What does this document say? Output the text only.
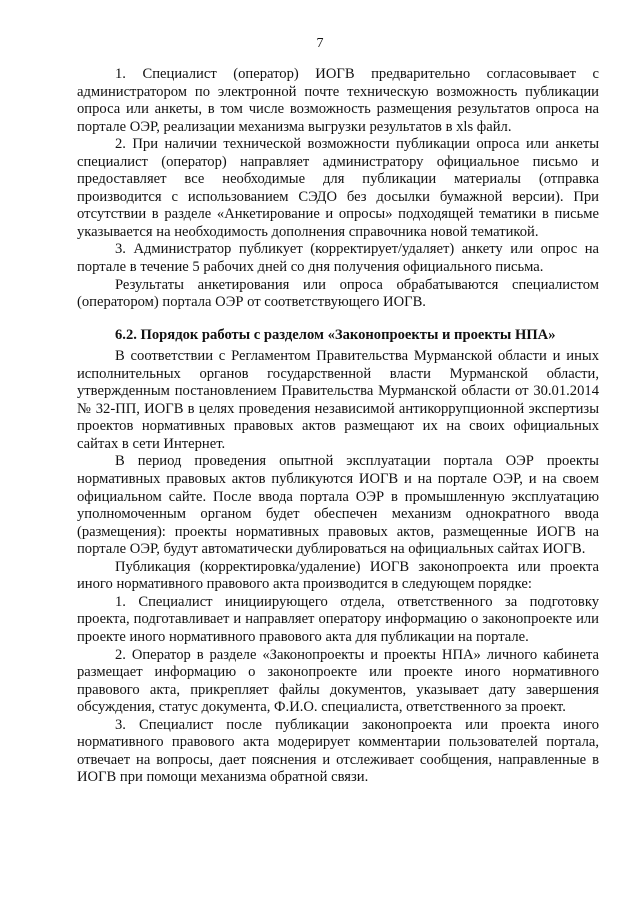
7

1. Специалист (оператор) ИОГВ предварительно согласовывает с администратором по электронной почте техническую возможность публикации опроса или анкеты, в том числе возможность размещения результатов опроса на портале ОЭР, реализации механизма выгрузки результатов в xls файл.

2. При наличии технической возможности публикации опроса или анкеты специалист (оператор) направляет администратору официальное письмо и предоставляет все необходимые для публикации материалы (отправка производится с использованием СЭДО без досылки бумажной версии). При отсутствии в разделе «Анкетирование и опросы» подходящей тематики в письме указывается на необходимость дополнения справочника новой тематикой.

3. Администратор публикует (корректирует/удаляет) анкету или опрос на портале в течение 5 рабочих дней со дня получения официального письма.

Результаты анкетирования или опроса обрабатываются специалистом (оператором) портала ОЭР от соответствующего ИОГВ.

6.2. Порядок работы с разделом «Законопроекты и проекты НПА»

В соответствии с Регламентом Правительства Мурманской области и иных исполнительных органов государственной власти Мурманской области, утвержденным постановлением Правительства Мурманской области от 30.01.2014 № 32-ПП, ИОГВ в целях проведения независимой антикоррупционной экспертизы проектов нормативных правовых актов размещают их на своих официальных сайтах в сети Интернет.

В период проведения опытной эксплуатации портала ОЭР проекты нормативных правовых актов публикуются ИОГВ и на портале ОЭР, и на своем официальном сайте. После ввода портала ОЭР в промышленную эксплуатацию уполномоченным органом будет обеспечен механизм однократного ввода (размещения): проекты нормативных правовых актов, размещенные ИОГВ на портале ОЭР, будут автоматически дублироваться на официальных сайтах ИОГВ.

Публикация (корректировка/удаление) ИОГВ законопроекта или проекта иного нормативного правового акта производится в следующем порядке:

1. Специалист инициирующего отдела, ответственного за подготовку проекта, подготавливает и направляет оператору информацию о законопроекте или проекте иного нормативного правового акта для публикации на портале.

2. Оператор в разделе «Законопроекты и проекты НПА» личного кабинета размещает информацию о законопроекте или проекте иного нормативного правового акта, прикрепляет файлы документов, указывает дату завершения обсуждения, статус документа, Ф.И.О. специалиста, ответственного за проект.

3. Специалист после публикации законопроекта или проекта иного нормативного правового акта модерирует комментарии пользователей портала, отвечает на вопросы, дает пояснения и отслеживает сообщения, направленные в ИОГВ при помощи механизма обратной связи.
